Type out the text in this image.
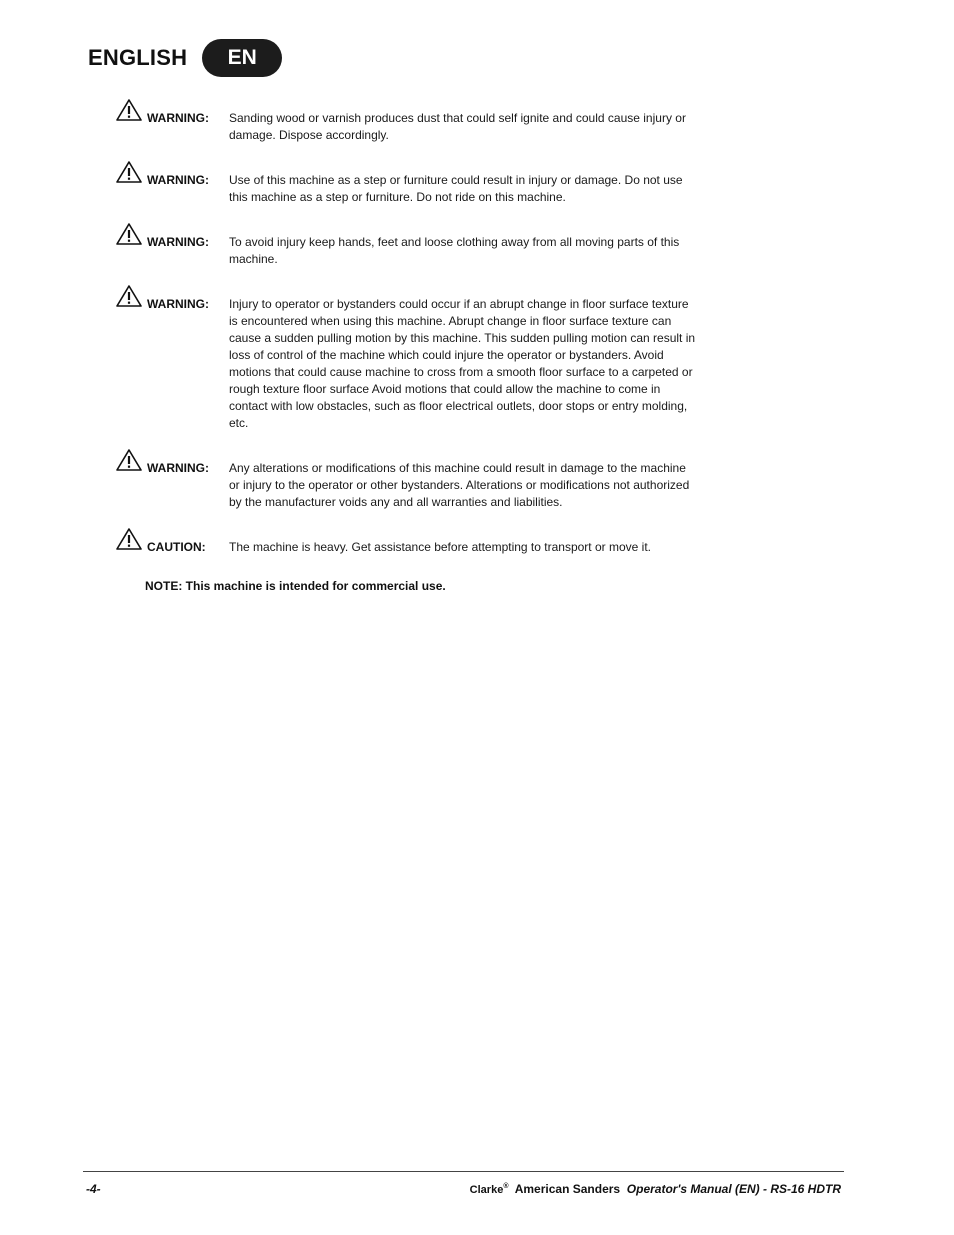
ENGLISH	EN
WARNING: Sanding wood or varnish produces dust that could self ignite and could cause injury or damage. Dispose accordingly.
WARNING: Use of this machine as a step or furniture could result in injury or damage. Do not use this machine as a step or furniture. Do not ride on this machine.
WARNING: To avoid injury keep hands, feet and loose clothing away from all moving parts of this machine.
WARNING: Injury to operator or bystanders could occur if an abrupt change in floor surface texture is encountered when using this machine. Abrupt change in floor surface texture can cause a sudden pulling motion by this machine. This sudden pulling motion can result in loss of control of the machine which could injure the operator or bystanders. Avoid motions that could cause machine to cross from a smooth floor surface to a carpeted or rough texture floor surface Avoid motions that could allow the machine to come in contact with low obstacles, such as floor electrical outlets, door stops or entry molding, etc.
WARNING: Any alterations or modifications of this machine could result in damage to the machine or injury to the operator or other bystanders. Alterations or modifications not authorized by the manufacturer voids any and all warranties and liabilities.
CAUTION: The machine is heavy. Get assistance before attempting to transport or move it.
NOTE: This machine is intended for commercial use.
-4-	Clarke® American Sanders Operator's Manual (EN) - RS-16 HDTR
